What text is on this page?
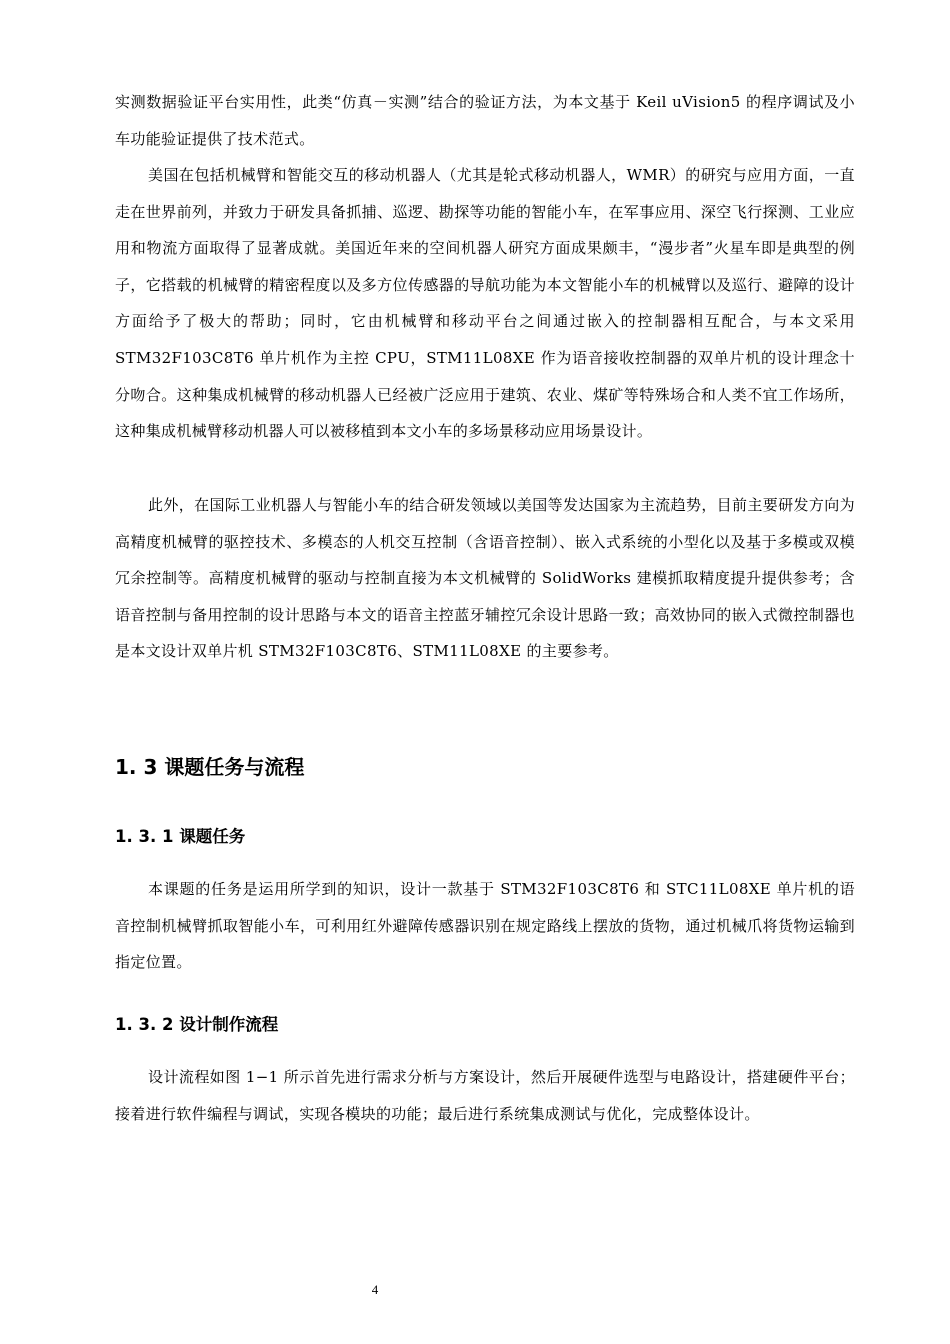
实测数据验证平台实用性，此类“仿真－实测”结合的验证方法，为本文基于 Keil uVision5 的程序调试及小车功能验证提供了技术范式。

美国在包括机械臂和智能交互的移动机器人（尤其是轮式移动机器人，WMR）的研究与应用方面，一直走在世界前列，并致力于研发具备抓捕、巡逻、勘探等功能的智能小车，在军事应用、深空飞行探测、工业应用和物流方面取得了显著成就。美国近年来的空间机器人研究方面成果颇丰，“漫步者”火星车即是典型的例子，它搭载的机械臂的精密程度以及多方位传感器的导航功能为本文智能小车的机械臂以及巡行、避障的设计方面给予了极大的帮助；同时，它由机械臂和移动平台之间通过嵌入的控制器相互配合，与本文采用 STM32F103C8T6 单片机作为主控 CPU，STM11L08XE 作为语音接收控制器的双单片机的设计理念十分吻合。这种集成机械臂的移动机器人已经被广泛应用于建筑、农业、煤矿等特殊场合和人类不宜工作场所，这种集成机械臂移动机器人可以被移植到本文小车的多场景移动应用场景设计。

此外，在国际工业机器人与智能小车的结合研发领域以美国等发达国家为主流趋势，目前主要研发方向为高精度机械臂的驱控技术、多模态的人机交互控制（含语音控制）、嵌入式系统的小型化以及基于多模或双模冗余控制等。高精度机械臂的驱动与控制直接为本文机械臂的 SolidWorks 建模抓取精度提升提供参考；含语音控制与备用控制的设计思路与本文的语音主控蓝牙辅控冗余设计思路一致；高效协同的嵌入式微控制器也是本文设计双单片机 STM32F103C8T6、STM11L08XE 的主要参考。

1. 3 课题任务与流程
1. 3. 1 课题任务

本课题的任务是运用所学到的知识，设计一款基于 STM32F103C8T6 和 STC11L08XE 单片机的语音控制机械臂抓取智能小车，可利用红外避障传感器识别在规定路线上摆放的货物，通过机械爪将货物运输到指定位置。

1. 3. 2 设计制作流程

设计流程如图 1−1 所示首先进行需求分析与方案设计，然后开展硬件选型与电路设计，搭建硬件平台；接着进行软件编程与调试，实现各模块的功能；最后进行系统集成测试与优化，完成整体设计。

4
